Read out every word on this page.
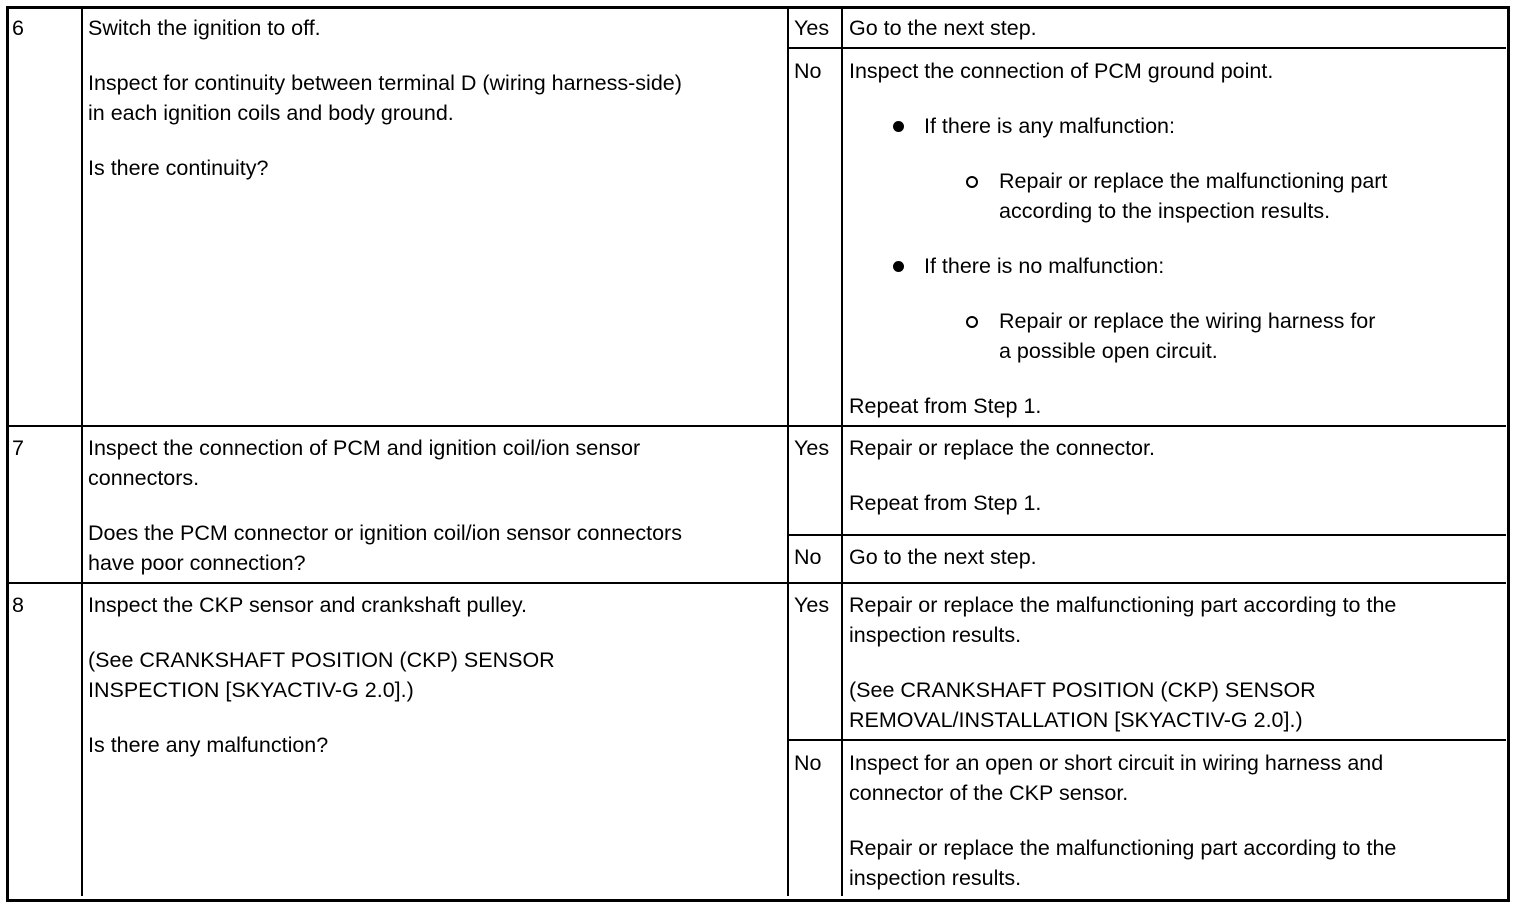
6	Switch the ignition to off.
Inspect for continuity between terminal D (wiring harness-side)
in each ignition coils and body ground.
Is there continuity?
Yes Go to the next step.
No Inspect the connection of PCM ground point.
If there is any malfunction:
Repair or replace the malfunctioning part
according to the inspection results.
If there is no malfunction:
Repair or replace the wiring harness for
a possible open circuit.
Repeat from Step 1.
7	Inspect the connection of PCM and ignition coil/ion sensor
connectors.
Does the PCM connector or ignition coil/ion sensor connectors
have poor connection?
Yes Repair or replace the connector.
Repeat from Step 1.
No Go to the next step.
8	Inspect the CKP sensor and crankshaft pulley.
(See CRANKSHAFT POSITION (CKP) SENSOR
INSPECTION [SKYACTIV-G 2.0].)
Is there any malfunction?
Yes Repair or replace the malfunctioning part according to the
inspection results.
(See CRANKSHAFT POSITION (CKP) SENSOR
REMOVAL/INSTALLATION [SKYACTIV-G 2.0].)
No Inspect for an open or short circuit in wiring harness and
connector of the CKP sensor.
Repair or replace the malfunctioning part according to the
inspection results.
